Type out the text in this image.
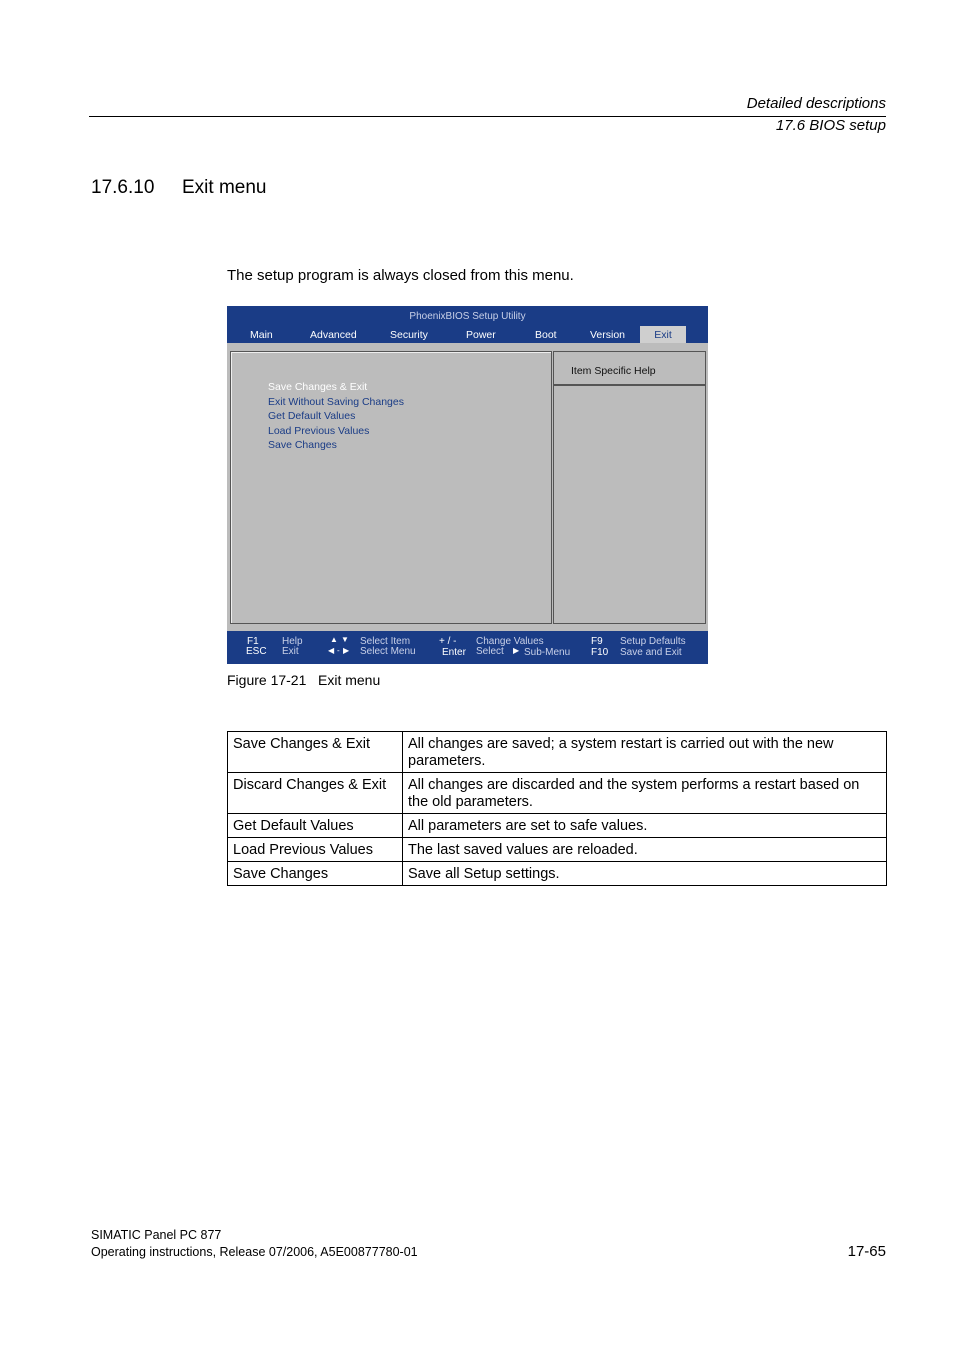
Detailed descriptions
17.6 BIOS setup
17.6.10 Exit menu
The setup program is always closed from this menu.
PhoenixBIOS Setup Utility
Main	Advanced	Security	Power	Boot	Version	Exit
Save Changes & Exit
Exit Without Saving Changes
Get Default Values
Load Previous Values
Save Changes
Item Specific Help
F1
ESC
Help
Exit
▲ ▼
◀ - ▶
Select Item
Select Menu
+ / -
Enter
Change Values
Select ▶ Sub-Menu
F9
F10
Setup Defaults
Save and Exit
Figure 17-21 Exit menu
Save Changes & Exit	All changes are saved; a system restart is carried out with the new parameters.
Discard Changes & Exit	All changes are discarded and the system performs a restart based on the old parameters.
Get Default Values	All parameters are set to safe values.
Load Previous Values	The last saved values are reloaded.
Save Changes	Save all Setup settings.
SIMATIC Panel PC 877
Operating instructions, Release 07/2006, A5E00877780-01	17-65
